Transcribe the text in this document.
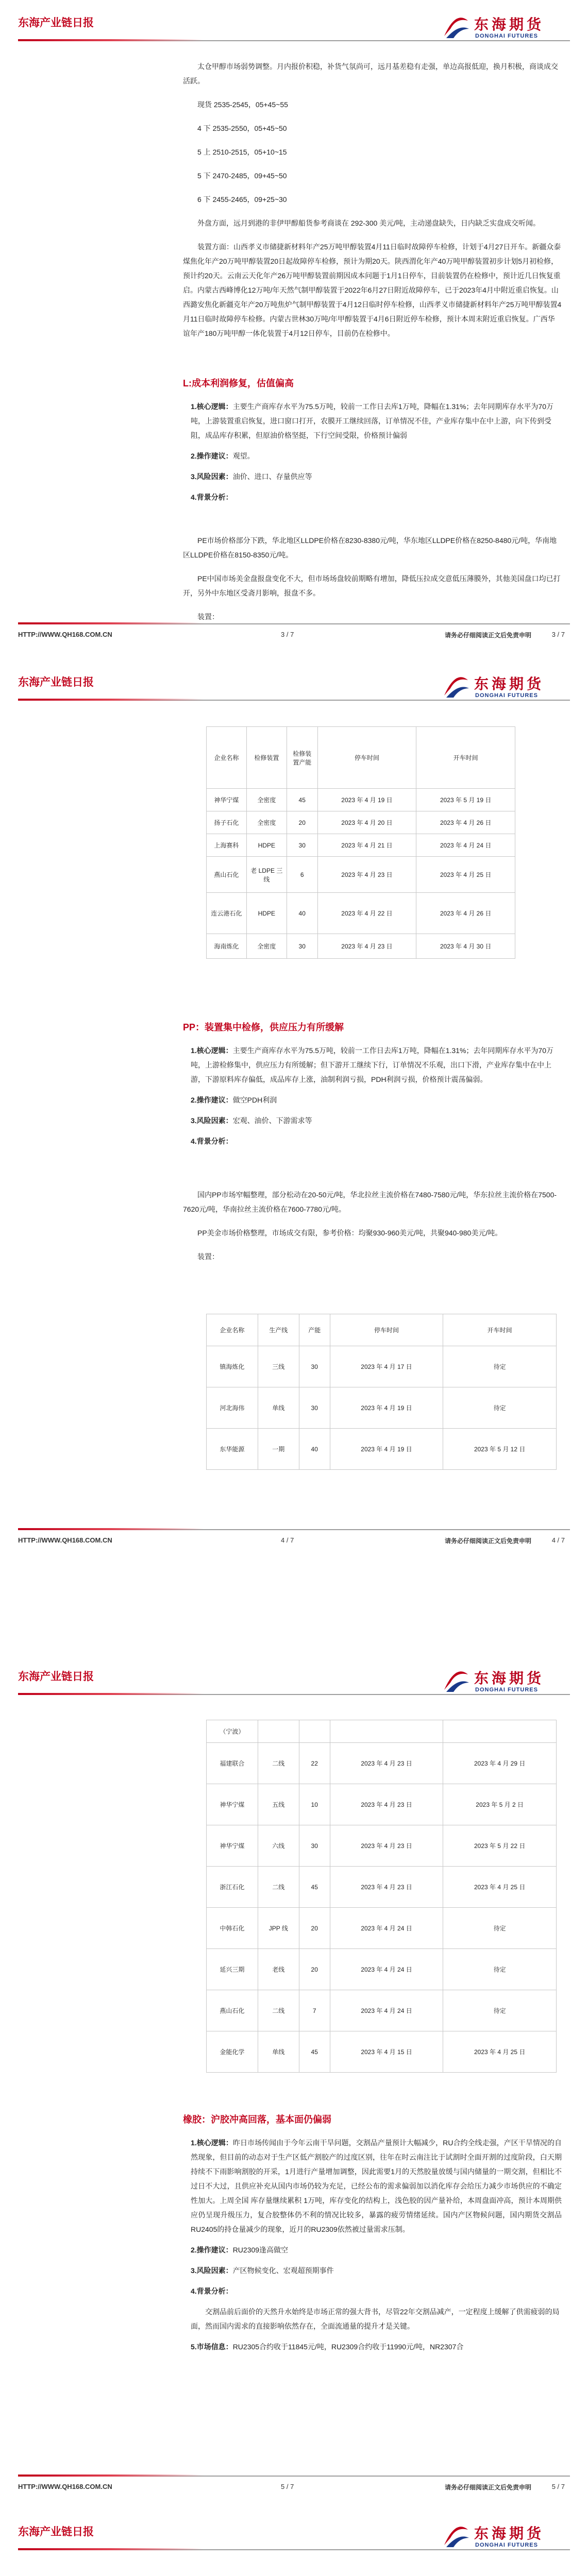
东海产业链日报	东海期货
DONGHAI FUTURES

太仓甲醇市场弱势调整。月内报价积稳，补货气氛尚可，远月基差稳有走强，单边高报低迎，换月积极，商谈成交活跃。

现货 2535-2545，05+45~55

4 下 2535-2550，05+45~50

5 上 2510-2515，05+10~15

5 下 2470-2485，09+45~50

6 下 2455-2465，09+25~30

外盘方面，远月到港的非伊甲醇船货参考商谈在 292-300 美元/吨，主动递盘缺失，日内缺乏实盘成交听闻。

装置方面：山西孝义市储捷新材料年产25万吨甲醇装置4月11日临时故障停车检修，计划于4月27日开车。新疆众泰煤焦化年产20万吨甲醇装置20日起故障停车检修，预计为期20天。陕西渭化年产40万吨甲醇装置初步计划5月初检修，预计约20天。云南云天化年产26万吨甲醇装置前期因成本问题于1月1日停车，目前装置仍在检修中，预计近几日恢复重启。内蒙古西峰博化12万吨/年天然气制甲醇装置于2022年6月27日附近故障停车，已于2023年4月中附近重启恢复。山西潞安焦化新疆克年产20万吨焦炉气制甲醇装置于4月12日临时停车检修，山西孝义市储捷新材料年产25万吨甲醇装置4月11日临时故障停车检修。内蒙古世林30万吨/年甲醇装置于4月6日附近停车检修，预计本周末附近重启恢复。广西华谊年产180万吨甲醇一体化装置于4月12日停车，目前仍在检修中。

L:成本利润修复，估值偏高
1.核心逻辑：主要生产商库存水平为75.5万吨，较前一工作日去库1万吨，降幅在1.31%；去年同期库存水平为70万吨，上游装置重启恢复，进口窗口打开，农膜开工继续回落，订单情况不佳，产业库存集中在中上游，向下传到受阻，成品库存积累，但原油价格坚挺，下行空间受限，价格预计偏弱
2.操作建议：观望。
3.风险因素：油价、进口、存量供应等
4.背景分析：

PE市场价格部分下跌，华北地区LLDPE价格在8230-8380元/吨，华东地区LLDPE价格在8250-8480元/吨，华南地区LLDPE价格在8150-8350元/吨。

PE中国市场美金盘报盘变化不大，但市场场盘较前期略有增加，降低压拉成交意低压薄膜外，其他美国盘口均已打开，另外中东地区受斋月影响，报盘不多。

装置：

HTTP://WWW.QH168.COM.CN	3 / 7	请务必仔细阅读正文后免责申明	3 / 7
东海产业链日报	东海期货
DONGHAI FUTURES
企业名称	检修装置	检修装置产能	停车时间	开车时间
神华宁煤	全密度	45	2023 年 4 月 19 日	2023 年 5 月 19 日
扬子石化	全密度	20	2023 年 4 月 20 日	2023 年 4 月 26 日
上海赛科	HDPE	30	2023 年 4 月 21 日	2023 年 4 月 24 日
燕山石化	老 LDPE 三线	6	2023 年 4 月 23 日	2023 年 4 月 25 日
连云港石化	HDPE	40	2023 年 4 月 22 日	2023 年 4 月 26 日
海南炼化	全密度	30	2023 年 4 月 23 日	2023 年 4 月 30 日
PP：装置集中检修，供应压力有所缓解
1.核心逻辑：主要生产商库存水平为75.5万吨，较前一工作日去库1万吨，降幅在1.31%；去年同期库存水平为70万吨，上游检修集中，供应压力有所缓解；但下游开工继续下行，订单情况不乐观，出口下滑，产业库存集中在中上游，下游原料库存偏低，成品库存上涨，油制利润亏损，PDH利润亏损，价格预计震荡偏弱。
2.操作建议：做空PDH利润
3.风险因素：宏观、油价、下游需求等
4.背景分析：

国内PP市场窄幅整理，部分松动在20-50元/吨，华北拉丝主流价格在7480-7580元/吨，华东拉丝主流价格在7500-7620元/吨，华南拉丝主流价格在7600-7780元/吨。

PP美金市场价格整理，市场成交有限，参考价格：均聚930-960美元/吨，共聚940-980美元/吨。

装置：

企业名称	生产线	产能	停车时间	开车时间
镇海炼化	三线	30	2023 年 4 月 17 日	待定
河北海伟	单线	30	2023 年 4 月 19 日	待定
东华能源	一期	40	2023 年 4 月 19 日	2023 年 5 月 12 日
HTTP://WWW.QH168.COM.CN	4 / 7	请务必仔细阅读正文后免责申明	4 / 7
东海产业链日报	东海期货
DONGHAI FUTURES
（宁波）				
福建联合	二线	22	2023 年 4 月 23 日	2023 年 4 月 29 日
神华宁煤	五线	10	2023 年 4 月 23 日	2023 年 5 月 2 日
神华宁煤	六线	30	2023 年 4 月 23 日	2023 年 5 月 22 日
浙江石化	二线	45	2023 年 4 月 23 日	2023 年 4 月 25 日
中韩石化	JPP 线	20	2023 年 4 月 24 日	待定
延兴三期	老线	20	2023 年 4 月 24 日	待定
燕山石化	二线	7	2023 年 4 月 24 日	待定
金能化学	单线	45	2023 年 4 月 15 日	2023 年 4 月 25 日
橡胶：沪胶冲高回落，基本面仍偏弱
1.核心逻辑：昨日市场传闻由于今年云南干旱问题，交割品产量预计大幅减少，RU合约全线走强，产区干旱情况的自然现象，但目前的动态对于生产区低产割胶产的过度区别，往年在时云南注比于试割时全面开割的过度阶段，白天期持续不下雨影响割胶的开采，1月进行产量增加调整，因此需要1月的天然胶量放缓与国内储量的一期交割，但相比不过日不大过，且供应补充从国内市场仍较为充足，已经公布的需求偏弱加以消化库存会给压力减少市场供应的不确定性加大。上周全国 库存量继续累积 1万吨，库存变化的结构上，浅色胶的因产量补给，本周盘面冲高，预计本周期供应仍呈现升级压力，复合胶整体仍不利的情况比较多，暴露的疲劳情绪延续。国内产区物候问题，国内期货交割品RU2405的持仓量减少的现象，近月的RU2309依然被过量需求压制。
2.操作建议：RU2309逢高做空
3.风险因素：产区物候变化、宏观超预期事件
4.背景分析：
交割品前后面价的天然升水始终是市场正常的强大背书，尽管22年交割品减产，一定程度上缓解了供需疲弱的局面，然而国内需求的直接影响依然存在，全面流通量的提升才是关键。
5.市场信息：RU2305合约收于11845元/吨，RU2309合约收于11990元/吨，NR2307合
HTTP://WWW.QH168.COM.CN	5 / 7	请务必仔细阅读正文后免责申明	5 / 7
东海产业链日报	东海期货
DONGHAI FUTURES
